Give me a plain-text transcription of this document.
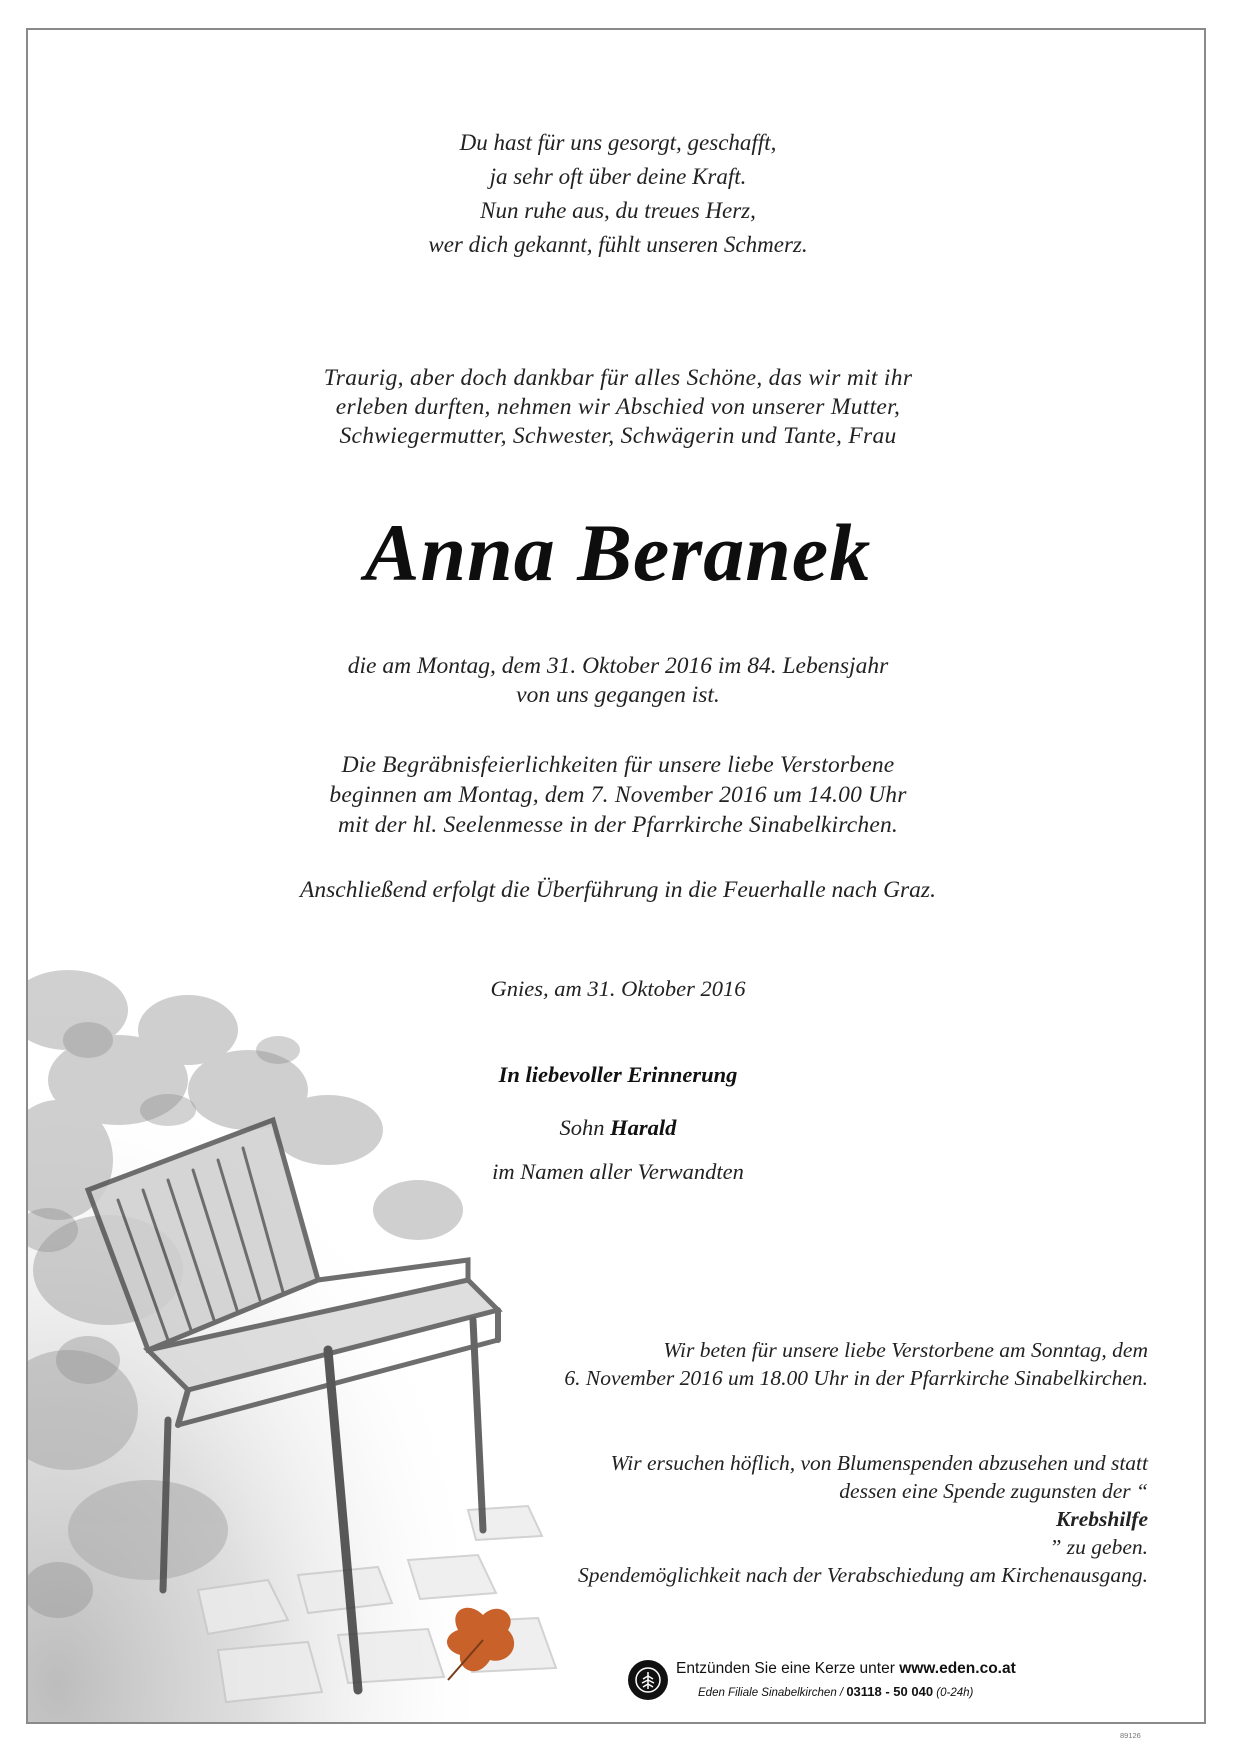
Du hast für uns gesorgt, geschafft,
ja sehr oft über deine Kraft.
Nun ruhe aus, du treues Herz,
wer dich gekannt, fühlt unseren Schmerz.
Traurig, aber doch dankbar für alles Schöne, das wir mit ihr
erleben durften, nehmen wir Abschied von unserer Mutter,
Schwiegermutter, Schwester, Schwägerin und Tante, Frau
Anna Beranek
die am Montag, dem 31. Oktober 2016 im 84. Lebensjahr
von uns gegangen ist.
Die Begräbnisfeierlichkeiten für unsere liebe Verstorbene
beginnen am Montag, dem 7. November 2016 um 14.00 Uhr
mit der hl. Seelenmesse in der Pfarrkirche Sinabelkirchen.
Anschließend erfolgt die Überführung in die Feuerhalle nach Graz.
Gnies, am 31. Oktober 2016
In liebevoller Erinnerung
Sohn Harald
im Namen aller Verwandten
Wir beten für unsere liebe Verstorbene am Sonntag, dem
6. November 2016 um 18.00 Uhr in der Pfarrkirche Sinabelkirchen.
Wir ersuchen höflich, von Blumenspenden abzusehen und statt
dessen eine Spende zugunsten der “
Krebshilfe
” zu geben.
Spendemöglichkeit nach der Verabschiedung am Kirchenausgang.
Entzünden Sie eine Kerze unter www.eden.co.at
Eden Filiale Sinabelkirchen / 03118 - 50 040 (0-24h)
89126
